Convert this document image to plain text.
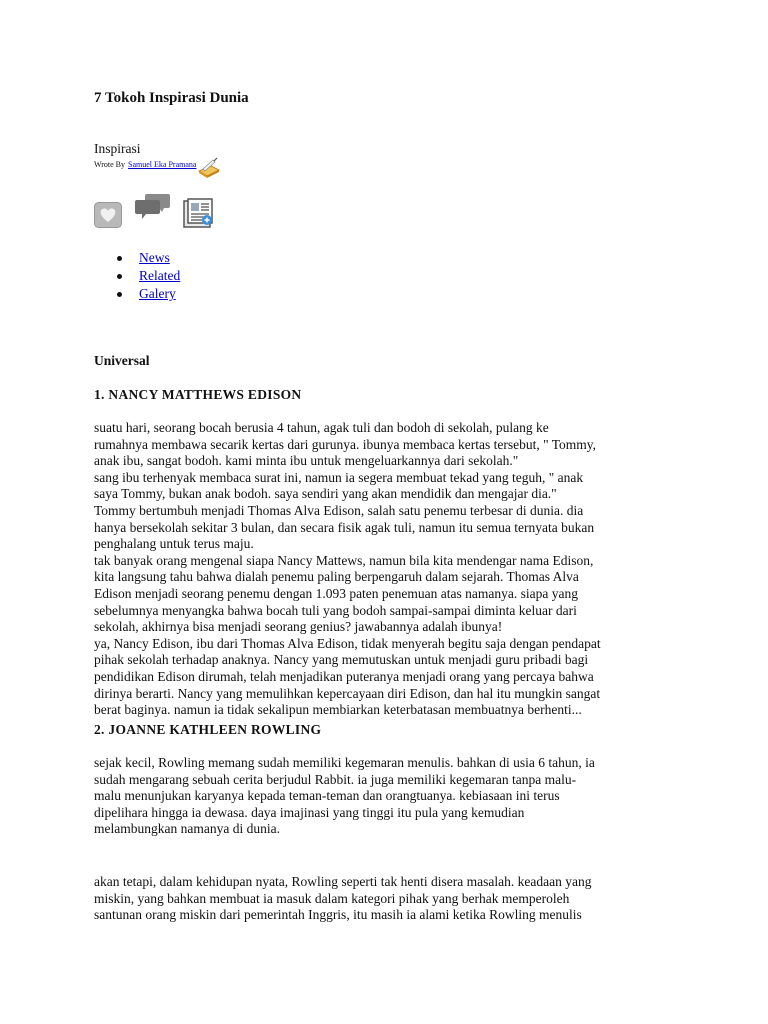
7 Tokoh Inspirasi Dunia
Inspirasi
Wrote By Samuel Eka Pramana
News
Related
Galery
Universal
1. NANCY MATTHEWS EDISON
suatu hari, seorang bocah berusia 4 tahun, agak tuli dan bodoh di sekolah, pulang ke
rumahnya membawa secarik kertas dari gurunya. ibunya membaca kertas tersebut, " Tommy,
anak ibu, sangat bodoh. kami minta ibu untuk mengeluarkannya dari sekolah."
sang ibu terhenyak membaca surat ini, namun ia segera membuat tekad yang teguh, " anak
saya Tommy, bukan anak bodoh. saya sendiri yang akan mendidik dan mengajar dia."
Tommy bertumbuh menjadi Thomas Alva Edison, salah satu penemu terbesar di dunia. dia
hanya bersekolah sekitar 3 bulan, dan secara fisik agak tuli, namun itu semua ternyata bukan
penghalang untuk terus maju.
tak banyak orang mengenal siapa Nancy Mattews, namun bila kita mendengar nama Edison,
kita langsung tahu bahwa dialah penemu paling berpengaruh dalam sejarah. Thomas Alva
Edison menjadi seorang penemu dengan 1.093 paten penemuan atas namanya. siapa yang
sebelumnya menyangka bahwa bocah tuli yang bodoh sampai-sampai diminta keluar dari
sekolah, akhirnya bisa menjadi seorang genius? jawabannya adalah ibunya!
ya, Nancy Edison, ibu dari Thomas Alva Edison, tidak menyerah begitu saja dengan pendapat
pihak sekolah terhadap anaknya. Nancy yang memutuskan untuk menjadi guru pribadi bagi
pendidikan Edison dirumah, telah menjadikan puteranya menjadi orang yang percaya bahwa
dirinya berarti. Nancy yang memulihkan kepercayaan diri Edison, dan hal itu mungkin sangat
berat baginya. namun ia tidak sekalipun membiarkan keterbatasan membuatnya berhenti...
2. JOANNE KATHLEEN ROWLING
sejak kecil, Rowling memang sudah memiliki kegemaran menulis. bahkan di usia 6 tahun, ia
sudah mengarang sebuah cerita berjudul Rabbit. ia juga memiliki kegemaran tanpa malu-
malu menunjukan karyanya kepada teman-teman dan orangtuanya. kebiasaan ini terus
dipelihara hingga ia dewasa. daya imajinasi yang tinggi itu pula yang kemudian
melambungkan namanya di dunia.
akan tetapi, dalam kehidupan nyata, Rowling seperti tak henti disera masalah. keadaan yang
miskin, yang bahkan membuat ia masuk dalam kategori pihak yang berhak memperoleh
santunan orang miskin dari pemerintah Inggris, itu masih ia alami ketika Rowling menulis
